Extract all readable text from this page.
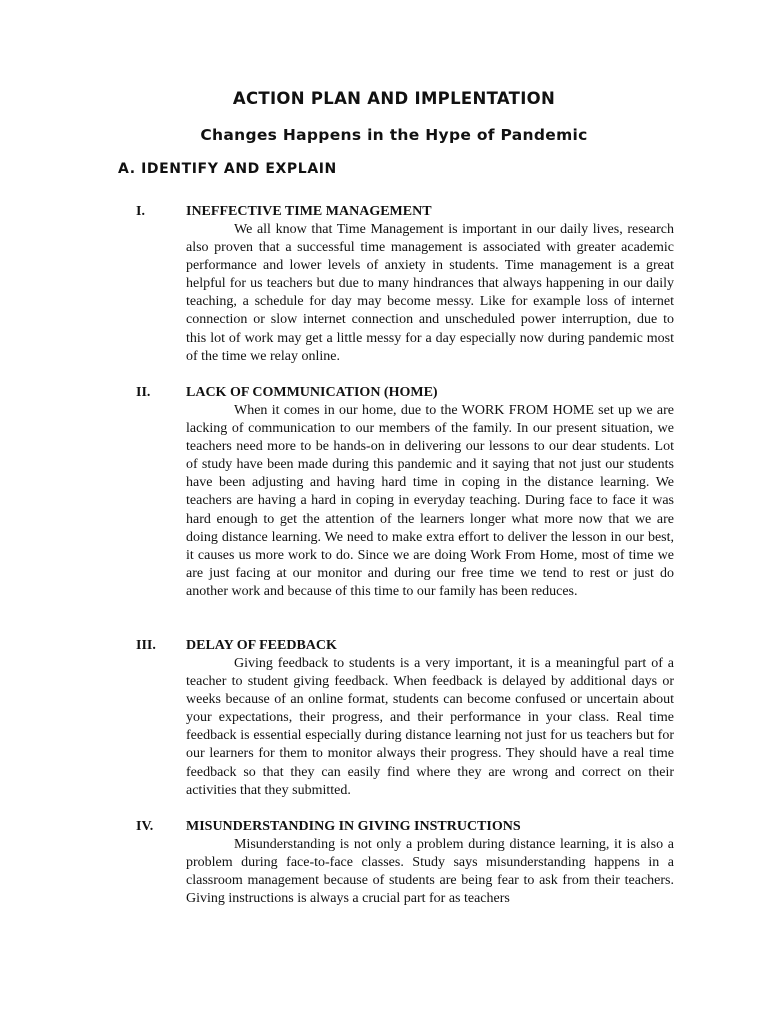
ACTION PLAN AND IMPLENTATION
Changes Happens in the Hype of Pandemic
A. IDENTIFY AND EXPLAIN
I.	INEFFECTIVE TIME MANAGEMENT

We all know that Time Management is important in our daily lives, research also proven that a successful time management is associated with greater academic performance and lower levels of anxiety in students. Time management is a great helpful for us teachers but due to many hindrances that always happening in our daily teaching, a schedule for day may become messy. Like for example loss of internet connection or slow internet connection and unscheduled power interruption, due to this lot of work may get a little messy for a day especially now during pandemic most of the time we relay online.

II.	LACK OF COMMUNICATION (HOME)

When it comes in our home, due to the WORK FROM HOME set up we are lacking of communication to our members of the family. In our present situation, we teachers need more to be hands-on in delivering our lessons to our dear students. Lot of study have been made during this pandemic and it saying that not just our students have been adjusting and having hard time in coping in the distance learning. We teachers are having a hard in coping in everyday teaching. During face to face it was hard enough to get the attention of the learners longer what more now that we are doing distance learning. We need to make extra effort to deliver the lesson in our best, it causes us more work to do. Since we are doing Work From Home, most of time we are just facing at our monitor and during our free time we tend to rest or just do another work and because of this time to our family has been reduces.

III. DELAY OF FEEDBACK

Giving feedback to students is a very important, it is a meaningful part of a teacher to student giving feedback. When feedback is delayed by additional days or weeks because of an online format, students can become confused or uncertain about your expectations, their progress, and their performance in your class. Real time feedback is essential especially during distance learning not just for us teachers but for our learners for them to monitor always their progress. They should have a real time feedback so that they can easily find where they are wrong and correct on their activities that they submitted.

IV. MISUNDERSTANDING IN GIVING INSTRUCTIONS

Misunderstanding is not only a problem during distance learning, it is also a problem during face-to-face classes. Study says misunderstanding happens in a classroom management because of students are being fear to ask from their teachers. Giving instructions is always a crucial part for as teachers
